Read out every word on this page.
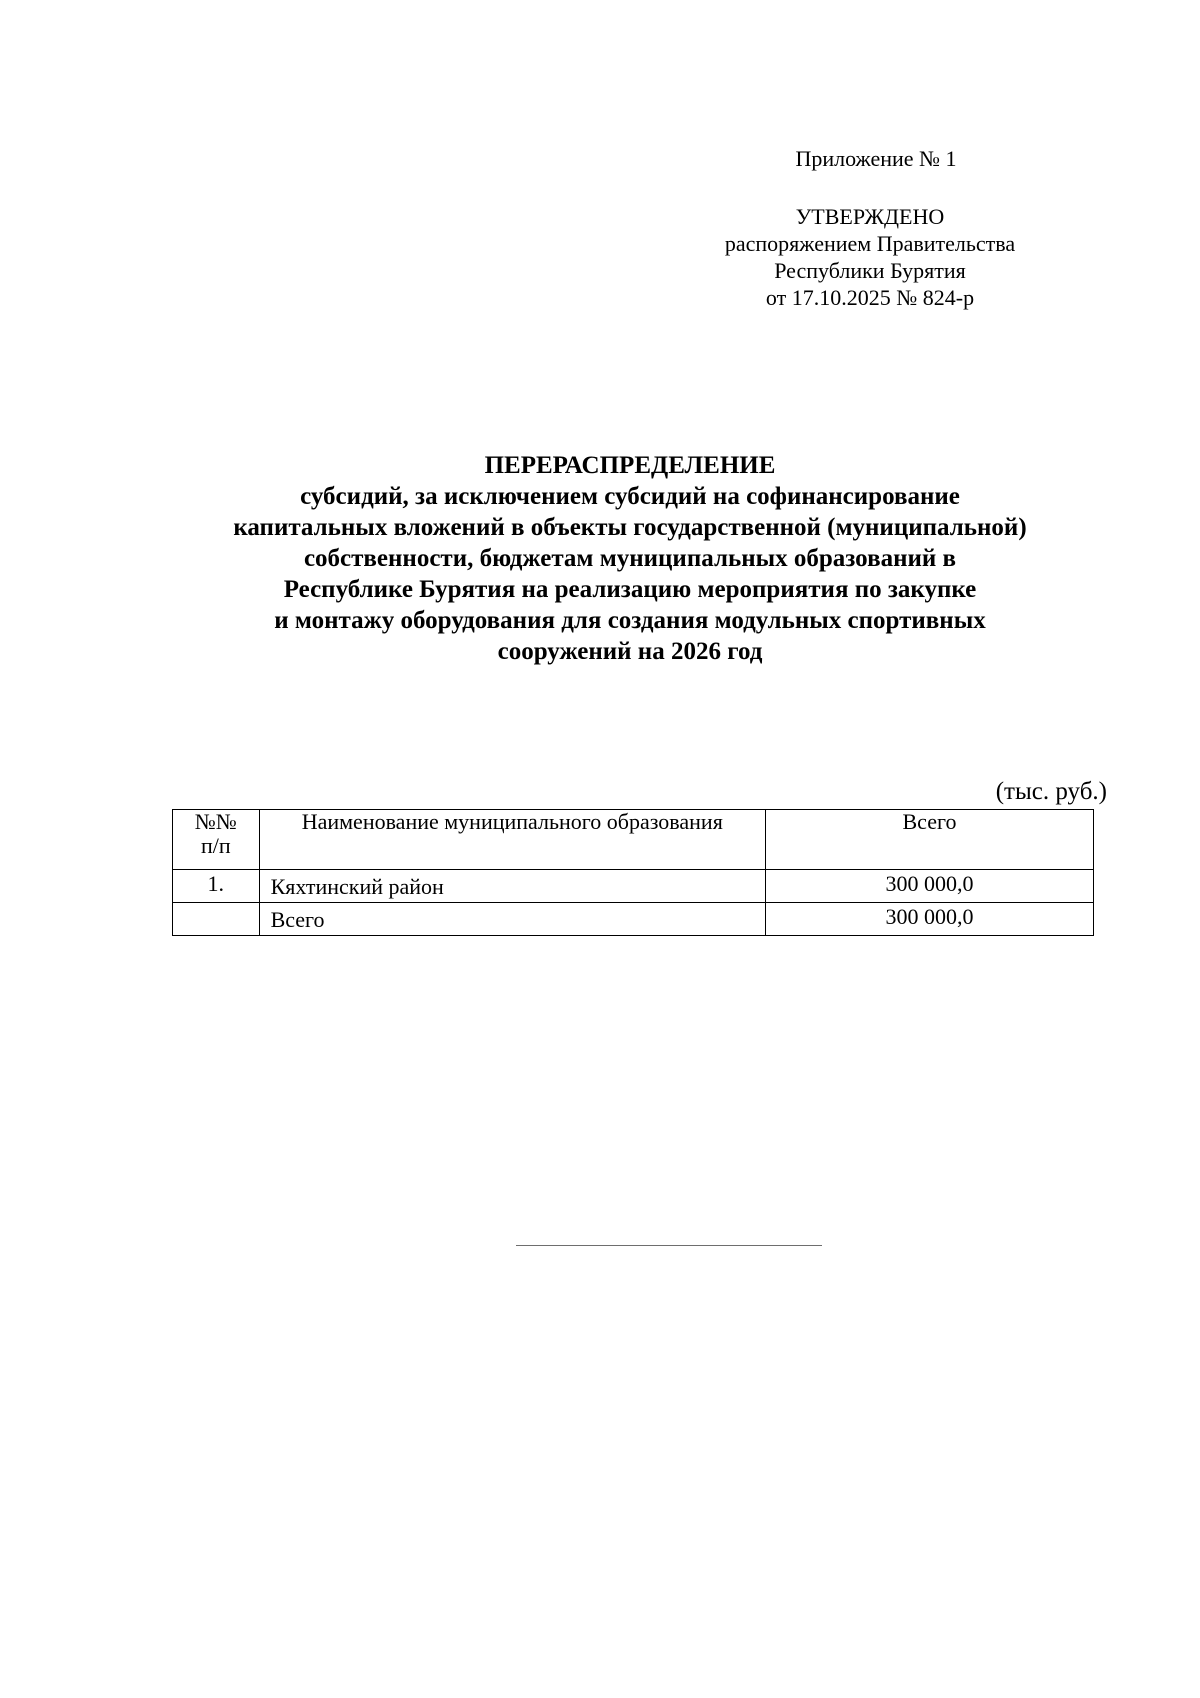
Приложение № 1
УТВЕРЖДЕНО
распоряжением Правительства
Республики Бурятия
от 17.10.2025 № 824-р
ПЕРЕРАСПРЕДЕЛЕНИЕ
субсидий, за исключением субсидий на софинансирование
капитальных вложений в объекты государственной (муниципальной)
собственности, бюджетам муниципальных образований в
Республике Бурятия на реализацию мероприятия по закупке
и монтажу оборудования для создания модульных спортивных
сооружений на 2026 год
(тыс. руб.)
№№
п/п	Наименование муниципального образования	Всего
1.	Кяхтинский район	300 000,0
	Всего	300 000,0
